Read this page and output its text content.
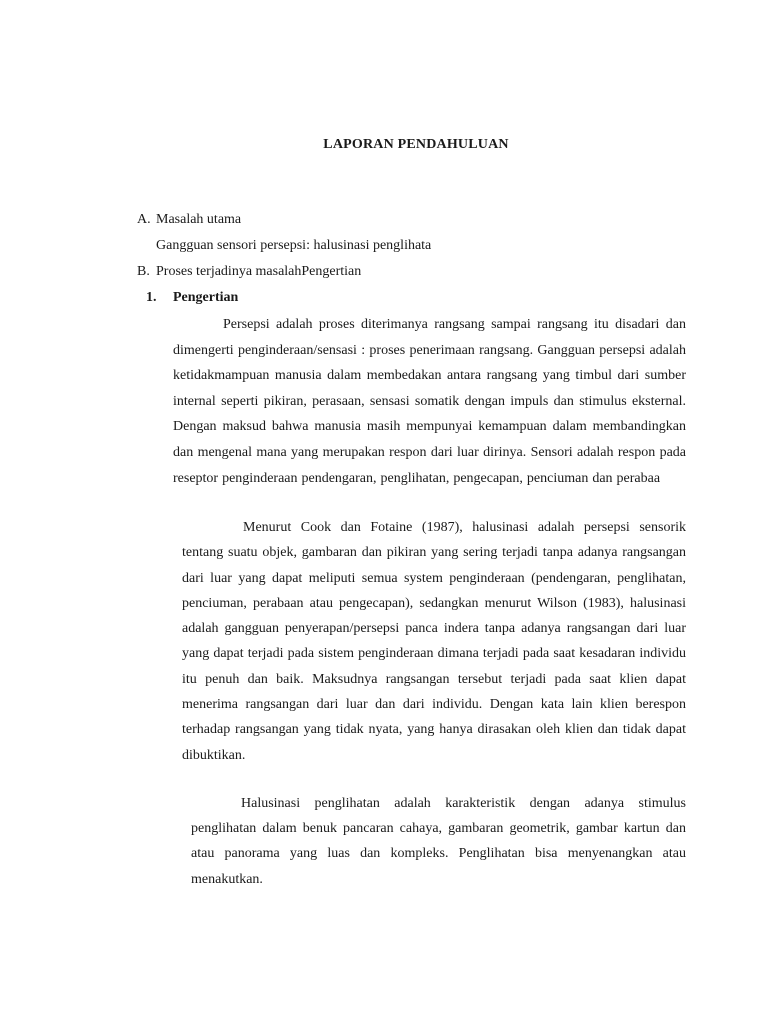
LAPORAN PENDAHULUAN

A. Masalah utama

Gangguan sensori persepsi: halusinasi penglihata

B. Proses terjadinya masalahPengertian

1. Pengertian

Persepsi adalah proses diterimanya rangsang sampai rangsang itu disadari dan dimengerti penginderaan/sensasi : proses penerimaan rangsang. Gangguan persepsi adalah ketidakmampuan manusia dalam membedakan antara rangsang yang timbul dari sumber internal seperti pikiran, perasaan, sensasi somatik dengan impuls dan stimulus eksternal. Dengan maksud bahwa manusia masih mempunyai kemampuan dalam membandingkan dan mengenal mana yang merupakan respon dari luar dirinya. Sensori adalah respon pada reseptor penginderaan pendengaran, penglihatan, pengecapan, penciuman dan perabaa

Menurut Cook dan Fotaine (1987), halusinasi adalah persepsi sensorik tentang suatu objek, gambaran dan pikiran yang sering terjadi tanpa adanya rangsangan dari luar yang dapat meliputi semua system penginderaan (pendengaran, penglihatan, penciuman, perabaan atau pengecapan), sedangkan menurut Wilson (1983), halusinasi adalah gangguan penyerapan/persepsi panca indera tanpa adanya rangsangan dari luar yang dapat terjadi pada sistem penginderaan dimana terjadi pada saat kesadaran individu itu penuh dan baik. Maksudnya rangsangan tersebut terjadi pada saat klien dapat menerima rangsangan dari luar dan dari individu. Dengan kata lain klien berespon terhadap rangsangan yang tidak nyata, yang hanya dirasakan oleh klien dan tidak dapat dibuktikan.

Halusinasi penglihatan adalah karakteristik dengan adanya stimulus penglihatan dalam benuk pancaran cahaya, gambaran geometrik, gambar kartun dan atau panorama yang luas dan kompleks. Penglihatan bisa menyenangkan atau menakutkan.
